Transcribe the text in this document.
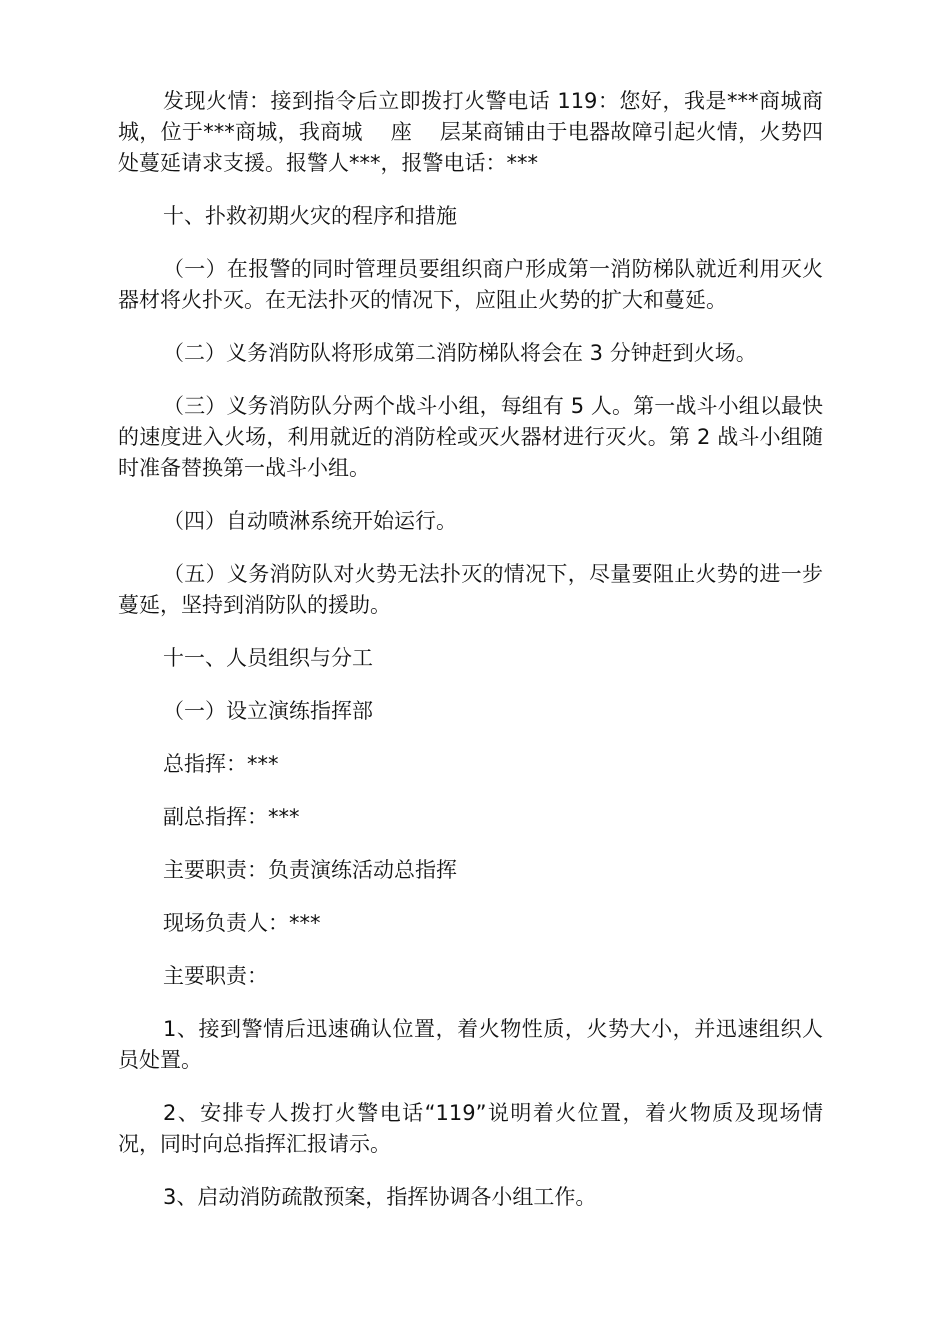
发现火情：接到指令后立即拨打火警电话 119：您好，我是***商城商城，位于***商城，我商城    座    层某商铺由于电器故障引起火情，火势四处蔓延请求支援。报警人***，报警电话：***

十、扑救初期火灾的程序和措施

（一）在报警的同时管理员要组织商户形成第一消防梯队就近利用灭火器材将火扑灭。在无法扑灭的情况下，应阻止火势的扩大和蔓延。

（二）义务消防队将形成第二消防梯队将会在 3 分钟赶到火场。

（三）义务消防队分两个战斗小组，每组有 5 人。第一战斗小组以最快的速度进入火场，利用就近的消防栓或灭火器材进行灭火。第 2 战斗小组随时准备替换第一战斗小组。

（四）自动喷淋系统开始运行。

（五）义务消防队对火势无法扑灭的情况下，尽量要阻止火势的进一步蔓延，坚持到消防队的援助。

十一、人员组织与分工

（一）设立演练指挥部

总指挥：***

副总指挥：***

主要职责：负责演练活动总指挥

现场负责人：***

主要职责：

1、接到警情后迅速确认位置，着火物性质，火势大小，并迅速组织人员处置。

2、安排专人拨打火警电话“119”说明着火位置，着火物质及现场情况，同时向总指挥汇报请示。

3、启动消防疏散预案，指挥协调各小组工作。
